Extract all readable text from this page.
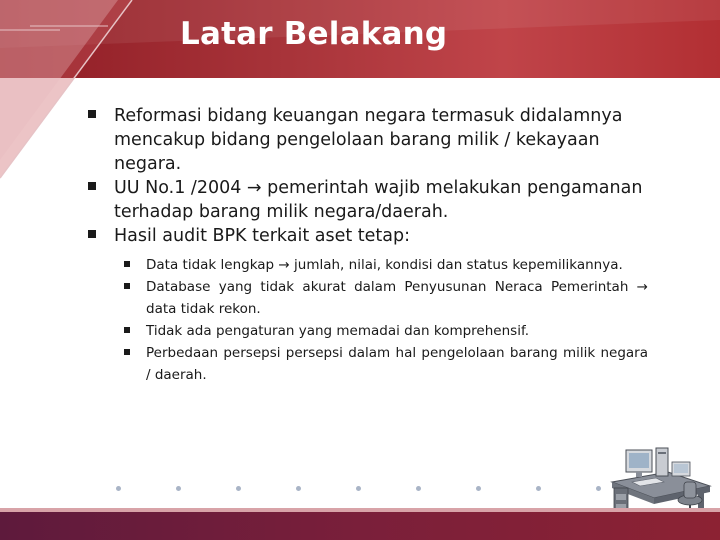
Latar Belakang
Reformasi bidang keuangan negara termasuk didalamnya mencakup bidang pengelolaan barang milik / kekayaan negara.
UU No.1 /2004 → pemerintah wajib melakukan pengamanan terhadap barang milik negara/daerah.
Hasil audit BPK terkait aset tetap:
Data tidak lengkap → jumlah, nilai, kondisi dan status kepemilikannya.
Database yang tidak akurat dalam Penyusunan Neraca Pemerintah → data tidak rekon.
Tidak ada pengaturan yang memadai dan komprehensif.
Perbedaan persepsi persepsi dalam hal pengelolaan barang milik negara / daerah.
